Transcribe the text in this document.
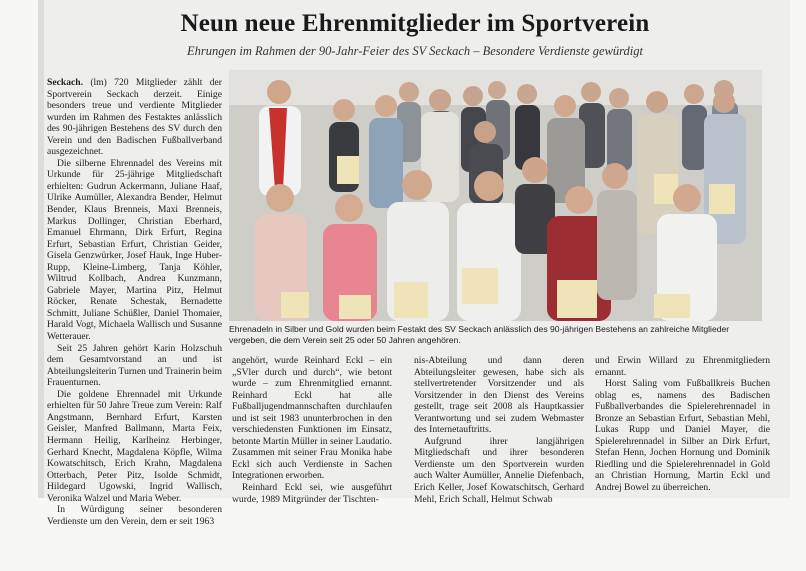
Neun neue Ehrenmitglieder im Sportverein
Ehrungen im Rahmen der 90-Jahr-Feier des SV Seckach – Besondere Verdienste gewürdigt

Seckach. (lm) 720 Mitglieder zählt der Sportverein Seckach derzeit. Einige besonders treue und verdiente Mitglieder wurden im Rahmen des Festaktes anlässlich des 90-jährigen Bestehens des SV durch den Verein und den Badischen Fußballverband ausgezeichnet.

Die silberne Ehrennadel des Vereins mit Urkunde für 25-jährige Mitgliedschaft erhielten: Gudrun Ackermann, Juliane Haaf, Ulrike Aumüller, Alexandra Bender, Helmut Bender, Klaus Brenneis, Maxi Brenneis, Markus Dollinger, Christian Eberhard, Emanuel Ehrmann, Dirk Erfurt, Regina Erfurt, Sebastian Erfurt, Christian Geider, Gisela Genzwürker, Josef Hauk, Inge Huber-Rupp, Kleine-Limberg, Tanja Köhler, Wiltrud Kollbach, Andrea Kunzmann, Gabriele Mayer, Martina Pitz, Helmut Röcker, Renate Schestak, Bernadette Schmitt, Juliane Schüßler, Daniel Thomaier, Harald Vogt, Michaela Wallisch und Susanne Wetterauer.

Seit 25 Jahren gehört Karin Holzschuh dem Gesamtvorstand an und ist Abteilungsleiterin Turnen und Trainerin beim Frauenturnen.

Die goldene Ehrennadel mit Urkunde erhielten für 50 Jahre Treue zum Verein: Ralf Angstmann, Bernhard Erfurt, Karsten Geisler, Manfred Ballmann, Marta Feix, Hermann Heilig, Karlheinz Herbinger, Gerhard Knecht, Magdalena Köpfle, Wilma Kowatschitsch, Erich Krahn, Magdalena Otterbach, Peter Pitz, Isolde Schmidt, Hildegard Ugowski, Ingrid Wallisch, Veronika Walzel und Maria Weber.

In Würdigung seiner besonderen Verdienste um den Verein, dem er seit 1963

Ehrenadeln in Silber und Gold wurden beim Festakt des SV Seckach anlässlich des 90-jährigen Bestehens an zahlreiche Mitglieder vergeben, die dem Verein seit 25 oder 50 Jahren angehören.

angehört, wurde Reinhard Eckl – ein „SVler durch und durch“, wie betont wurde – zum Ehrenmitglied ernannt. Reinhard Eckl hat alle Fußballjugendmannschaften durchlaufen und ist seit 1983 ununterbrochen in den verschiedensten Funktionen im Einsatz, betonte Martin Müller in seiner Laudatio. Zusammen mit seiner Frau Monika habe Eckl sich auch Verdienste in Sachen Integrationen erworben.

Reinhard Eckl sei, wie ausgeführt wurde, 1989 Mitgründer der Tischten-

nis-Abteilung und dann deren Abteilungsleiter gewesen, habe sich als stellvertretender Vorsitzender und als Vorsitzender in den Dienst des Vereins gestellt, trage seit 2008 als Hauptkassier Verantwortung und sei zudem Webmaster des Internetauftritts.

Aufgrund ihrer langjährigen Mitgliedschaft und ihrer besonderen Verdienste um den Sportverein wurden auch Walter Aumüller, Annelie Diefenbach, Erich Keller, Josef Kowatschitsch, Gerhard Mehl, Erich Schall, Helmut Schwab

und Erwin Willard zu Ehrenmitgliedern ernannt.

Horst Saling vom Fußballkreis Buchen oblag es, namens des Badischen Fußballverbandes die Spielerehrennadel in Bronze an Sebastian Erfurt, Sebastian Mehl, Lukas Rupp und Daniel Mayer, die Spielerehrennadel in Silber an Dirk Erfurt, Stefan Henn, Jochen Hornung und Dominik Riedling und die Spielerehrennadel in Gold an Christian Hornung, Martin Eckl und Andrej Bowel zu überreichen.
